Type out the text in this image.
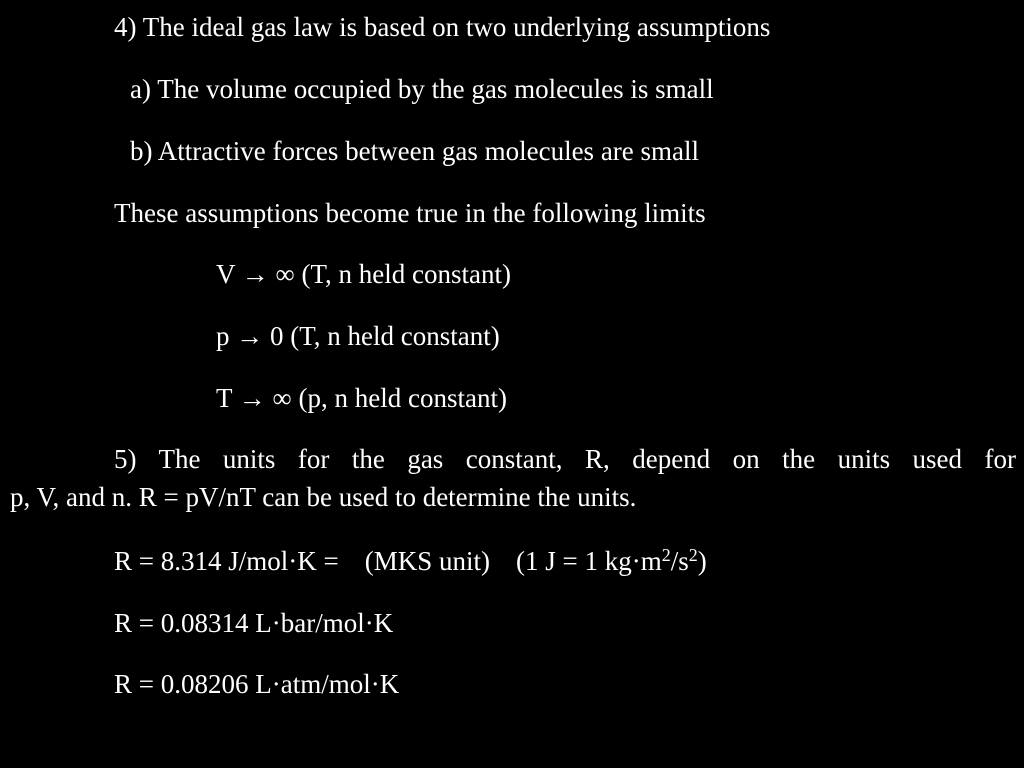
4) The ideal gas law is based on two underlying assumptions
a) The volume occupied by the gas molecules is small
b) Attractive forces between gas molecules are small
These assumptions become true in the following limits
V → ∞ (T, n held constant)
p → 0 (T, n held constant)
T → ∞ (p, n held constant)
5) The units for the gas constant, R, depend on the units used for
p, V, and n. R = pV/nT can be used to determine the units.
R = 8.314 J/mol·K = (MKS unit) (1 J = 1 $kg\cdot m^2/s^2$)
R = 0.08314 L·bar/mol·K
R = 0.08206 L·atm/mol·K
